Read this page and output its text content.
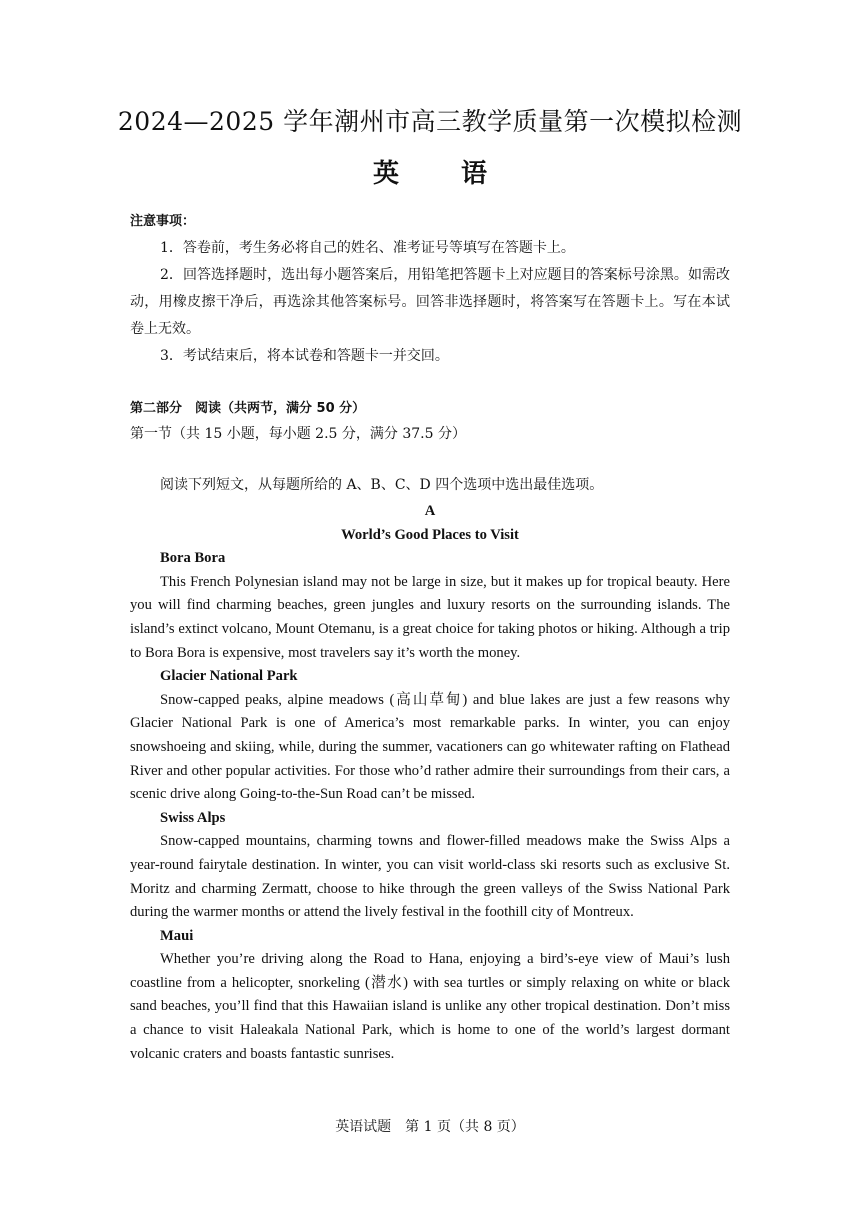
2024—2025 学年潮州市高三教学质量第一次模拟检测
英 语
注意事项：

1．答卷前，考生务必将自己的姓名、准考证号等填写在答题卡上。

2．回答选择题时，选出每小题答案后，用铅笔把答题卡上对应题目的答案标号涂黑。如需改动，用橡皮擦干净后，再选涂其他答案标号。回答非选择题时，将答案写在答题卡上。写在本试卷上无效。

3．考试结束后，将本试卷和答题卡一并交回。

第二部分　阅读（共两节，满分 50 分）
第一节（共 15 小题，每小题 2.5 分，满分 37.5 分）
阅读下列短文，从每题所给的 A、B、C、D 四个选项中选出最佳选项。

A

World’s Good Places to Visit

Bora Bora

This French Polynesian island may not be large in size, but it makes up for tropical beauty. Here you will find charming beaches, green jungles and luxury resorts on the surrounding islands. The island’s extinct volcano, Mount Otemanu, is a great choice for taking photos or hiking. Although a trip to Bora Bora is expensive, most travelers say it’s worth the money.

Glacier National Park

Snow-capped peaks, alpine meadows (高山草甸) and blue lakes are just a few reasons why Glacier National Park is one of America’s most remarkable parks. In winter, you can enjoy snowshoeing and skiing, while, during the summer, vacationers can go whitewater rafting on Flathead River and other popular activities. For those who’d rather admire their surroundings from their cars, a scenic drive along Going-to-the-Sun Road can’t be missed.

Swiss Alps

Snow-capped mountains, charming towns and flower-filled meadows make the Swiss Alps a year-round fairytale destination. In winter, you can visit world-class ski resorts such as exclusive St. Moritz and charming Zermatt, choose to hike through the green valleys of the Swiss National Park during the warmer months or attend the lively festival in the foothill city of Montreux.

Maui

Whether you’re driving along the Road to Hana, enjoying a bird’s-eye view of Maui’s lush coastline from a helicopter, snorkeling (潜水) with sea turtles or simply relaxing on white or black sand beaches, you’ll find that this Hawaiian island is unlike any other tropical destination. Don’t miss a chance to visit Haleakala National Park, which is home to one of the world’s largest dormant volcanic craters and boasts fantastic sunrises.

英语试题　第 1 页（共 8 页）
